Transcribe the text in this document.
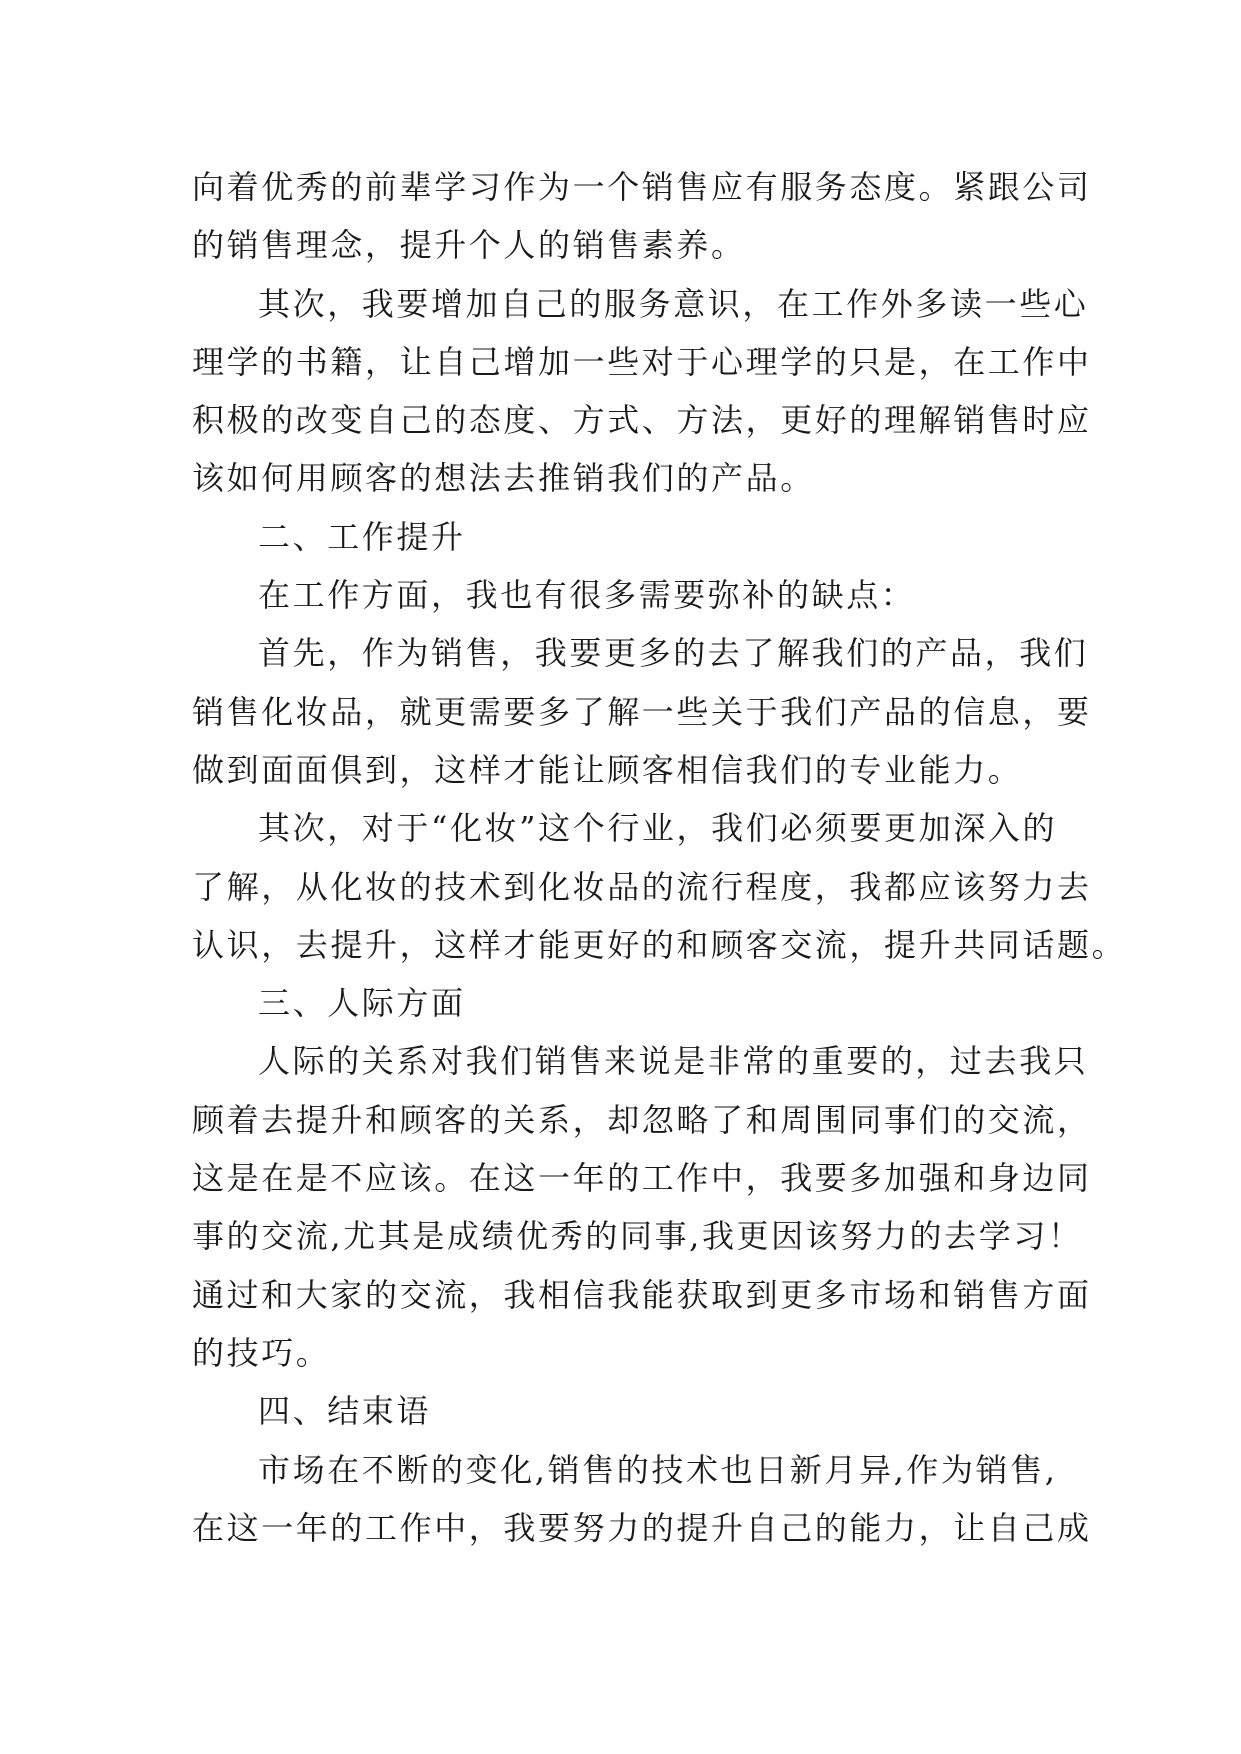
向着优秀的前辈学习作为一个销售应有服务态度。紧跟公司
的销售理念，提升个人的销售素养。
其次，我要增加自己的服务意识，在工作外多读一些心
理学的书籍，让自己增加一些对于心理学的只是，在工作中
积极的改变自己的态度、方式、方法，更好的理解销售时应
该如何用顾客的想法去推销我们的产品。
二、工作提升
在工作方面，我也有很多需要弥补的缺点：
首先，作为销售，我要更多的去了解我们的产品，我们
销售化妆品，就更需要多了解一些关于我们产品的信息，要
做到面面俱到，这样才能让顾客相信我们的专业能力。
其次，对于“化妆”这个行业，我们必须要更加深入的
了解，从化妆的技术到化妆品的流行程度，我都应该努力去
认识，去提升，这样才能更好的和顾客交流，提升共同话题。
三、人际方面
人际的关系对我们销售来说是非常的重要的，过去我只
顾着去提升和顾客的关系，却忽略了和周围同事们的交流，
这是在是不应该。在这一年的工作中，我要多加强和身边同
事的交流,尤其是成绩优秀的同事,我更因该努力的去学习！
通过和大家的交流，我相信我能获取到更多市场和销售方面
的技巧。
四、结束语
市场在不断的变化,销售的技术也日新月异,作为销售,
在这一年的工作中，我要努力的提升自己的能力，让自己成
